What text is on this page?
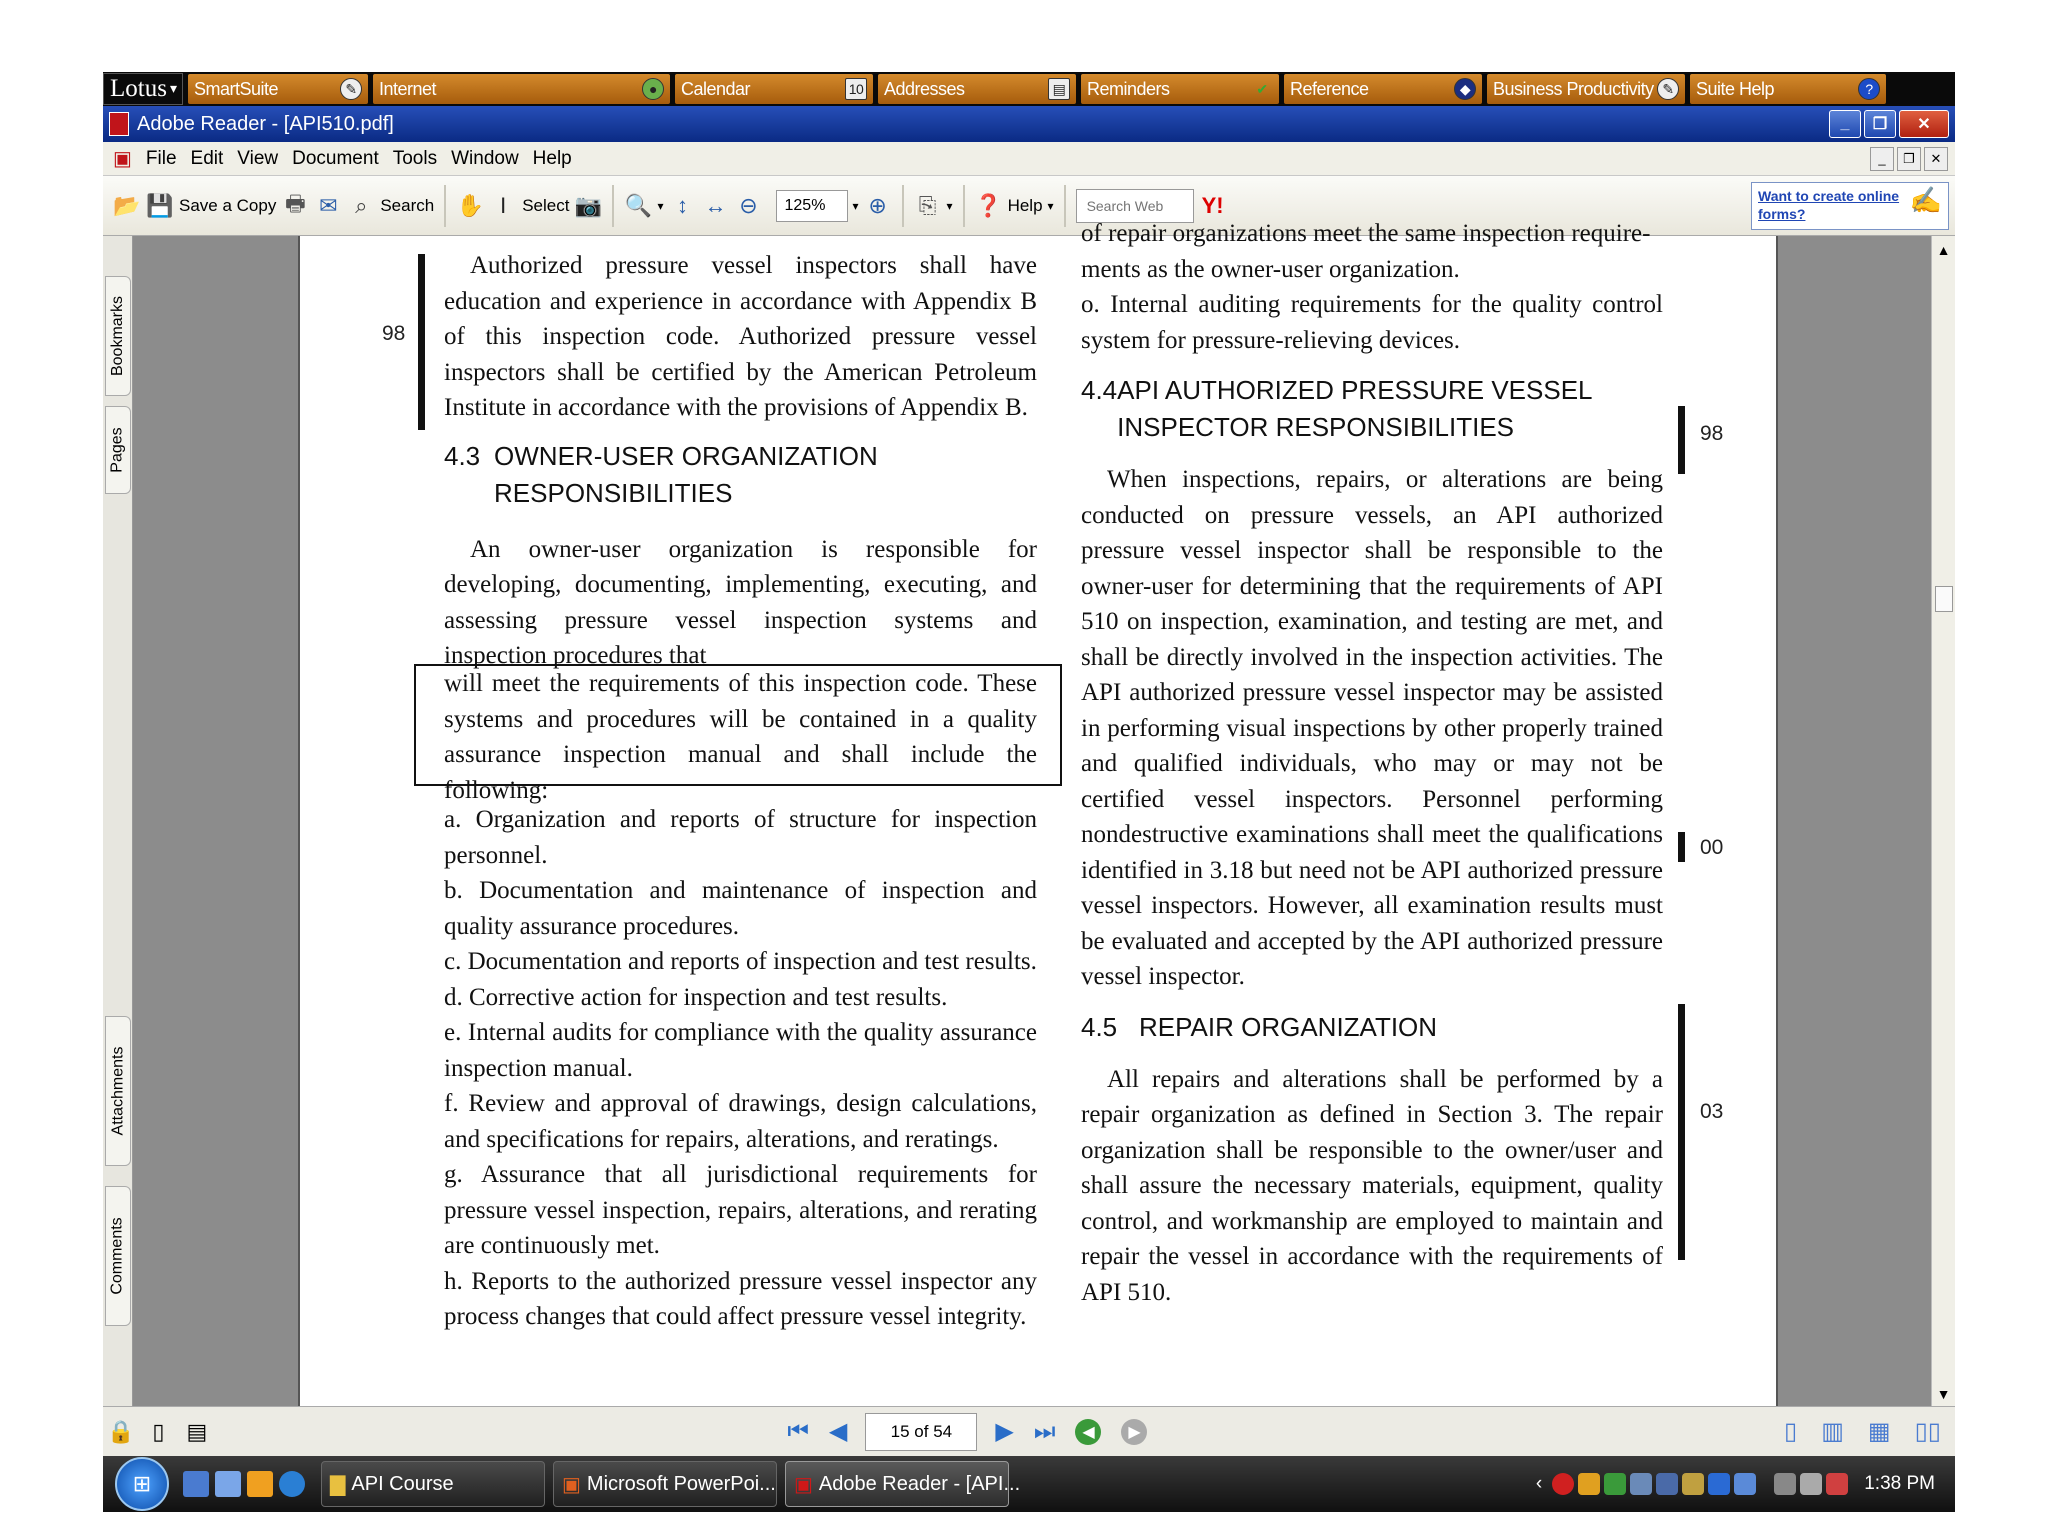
Lotus ▾ SmartSuite	✎ Internet	●	Calendar	10 Addresses	▤ Reminders	✔ Reference	◆	Business Productivity ✎ Suite Help	?
Adobe Reader - [API510.pdf]	_	❐	✕
▣ File Edit View Document Tools Window Help	_	❐	✕
📂 💾 Save a Copy 🖶 ✉ ⌕ Search ✋ I Select 📷 🔍 ▾ ↕ ↔ ⊖	125%	▾ ⊕ ⎘ ▾ ❓ Help ▾
Search Web	Y!	Want to create online forms?	✍
Bookmarks
Pages
Attachments
Comments
98

Authorized pressure vessel inspectors shall have education and experience in accordance with Appendix B of this inspection code. Authorized pressure vessel inspectors shall be certified by the American Petroleum Institute in accordance with the provisions of Appendix B.

4.3 OWNER-USER ORGANIZATION RESPONSIBILITIES

An owner-user organization is responsible for developing, documenting, implementing, executing, and assessing pressure vessel inspection systems and inspection procedures that

will meet the requirements of this inspection code. These systems and procedures will be contained in a quality assurance inspection manual and shall include the following:

a. Organization and reports of structure for inspection personnel.

b. Documentation and maintenance of inspection and quality assurance procedures.

c. Documentation and reports of inspection and test results.

d. Corrective action for inspection and test results.

e. Internal audits for compliance with the quality assurance inspection manual.

f. Review and approval of drawings, design calculations, and specifications for repairs, alterations, and reratings.

g. Assurance that all jurisdictional requirements for pressure vessel inspection, repairs, alterations, and rerating are continuously met.

h. Reports to the authorized pressure vessel inspector any process changes that could affect pressure vessel integrity.

of repair organizations meet the same inspection require-

ments as the owner-user organization.

o. Internal auditing requirements for the quality control system for pressure-relieving devices.

4.4 API AUTHORIZED PRESSURE VESSEL INSPECTOR RESPONSIBILITIES

When inspections, repairs, or alterations are being conducted on pressure vessels, an API authorized pressure vessel inspector shall be responsible to the owner-user for determining that the requirements of API 510 on inspection, examination, and testing are met, and shall be directly involved in the inspection activities. The API authorized pressure vessel inspector may be assisted in performing visual inspections by other properly trained and qualified individuals, who may or may not be certified vessel inspectors. Personnel performing nondestructive examinations shall meet the qualifications identified in 3.18 but need not be API authorized pressure vessel inspectors. However, all examination results must be evaluated and accepted by the API authorized pressure vessel inspector.

4.5 REPAIR ORGANIZATION

All repairs and alterations shall be performed by a repair organization as defined in Section 3. The repair organization shall be responsible to the owner/user and shall assure the necessary materials, equipment, quality control, and workmanship are employed to maintain and repair the vessel in accordance with the requirements of API 510.

98
00
03
▲
▼
🔒 ▯ ▤	⏮ ◀	15 of 54	▶ ⏭	◀	▶	▯ ▥ ▦ ▯▯
⊞	▇ API Course	▣ Microsoft PowerPoi... ▣ Adobe Reader - [API...	‹	1:38 PM
